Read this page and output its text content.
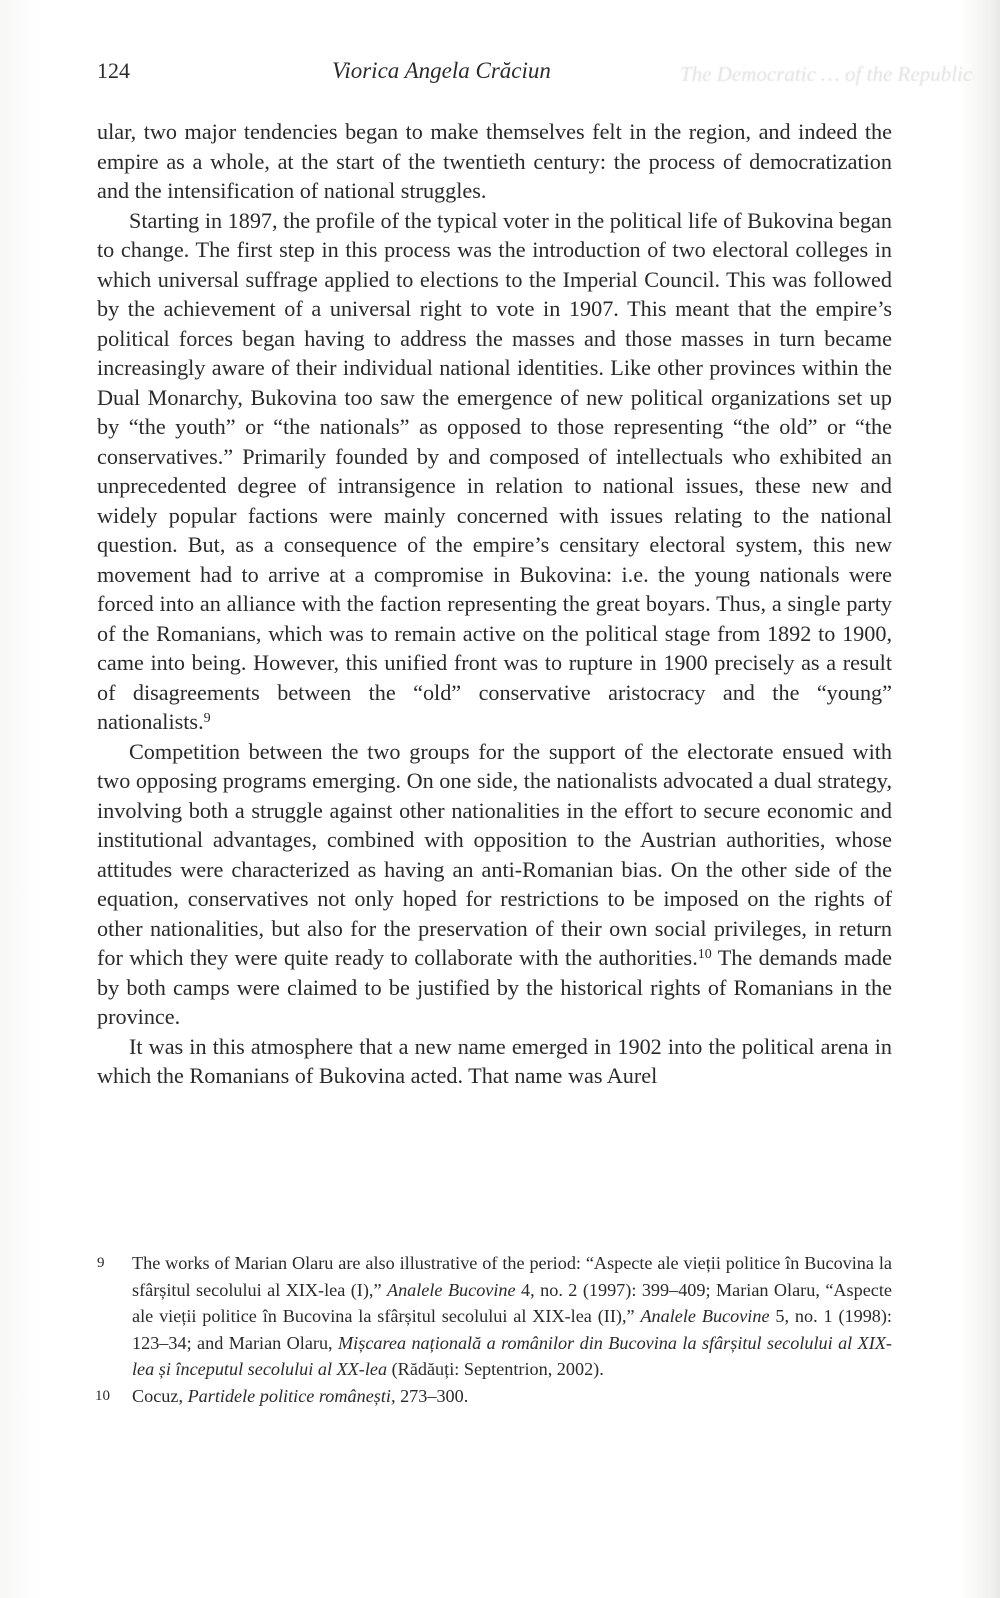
The Democratic … of the Republic
124	Viorica Angela Crăciun

ular, two major tendencies began to make themselves felt in the region, and indeed the empire as a whole, at the start of the twentieth century: the process of democratization and the intensification of national struggles.

Starting in 1897, the profile of the typical voter in the political life of Bukovina began to change. The first step in this process was the introduction of two electoral colleges in which universal suffrage applied to elections to the Imperial Council. This was followed by the achievement of a universal right to vote in 1907. This meant that the empire’s political forces began having to address the masses and those masses in turn became increasingly aware of their individual national identities. Like other provinces within the Dual Monarchy, Bukovina too saw the emergence of new political organizations set up by “the youth” or “the nationals” as opposed to those representing “the old” or “the conservatives.” Primarily founded by and composed of intellectuals who exhibited an unprecedented degree of intransigence in relation to national issues, these new and widely popular factions were mainly concerned with issues relating to the national question. But, as a consequence of the empire’s censitary electoral system, this new movement had to arrive at a compromise in Bukovina: i.e. the young nationals were forced into an alliance with the faction representing the great boyars. Thus, a single party of the Romanians, which was to remain active on the political stage from 1892 to 1900, came into being. However, this unified front was to rupture in 1900 precisely as a result of disagreements between the “old” conservative aristocracy and the “young” nationalists.$^9$

Competition between the two groups for the support of the electorate ensued with two opposing programs emerging. On one side, the nationalists advocated a dual strategy, involving both a struggle against other nationalities in the effort to secure economic and institutional advantages, combined with opposition to the Austrian authorities, whose attitudes were characterized as having an anti-Romanian bias. On the other side of the equation, conservatives not only hoped for restrictions to be imposed on the rights of other nationalities, but also for the preservation of their own social privileges, in return for which they were quite ready to collaborate with the authorities.$^{10}$ The demands made by both camps were claimed to be justified by the historical rights of Romanians in the province.

It was in this atmosphere that a new name emerged in 1902 into the political arena in which the Romanians of Bukovina acted. That name was Aurel

9 The works of Marian Olaru are also illustrative of the period: “Aspecte ale vieții politice în Bucovina la sfârșitul secolului al XIX-lea (I),” Analele Bucovine 4, no. 2 (1997): 399–409; Marian Olaru, “Aspecte ale vieții politice în Bucovina la sfârșitul secolului al XIX-lea (II),” Analele Bucovine 5, no. 1 (1998): 123–34; and Marian Olaru, Mișcarea națională a românilor din Bucovina la sfârșitul secolului al XIX-lea și începutul secolului al XX-lea (Rădăuți: Septentrion, 2002).

10 Cocuz, Partidele politice românești, 273–300.
